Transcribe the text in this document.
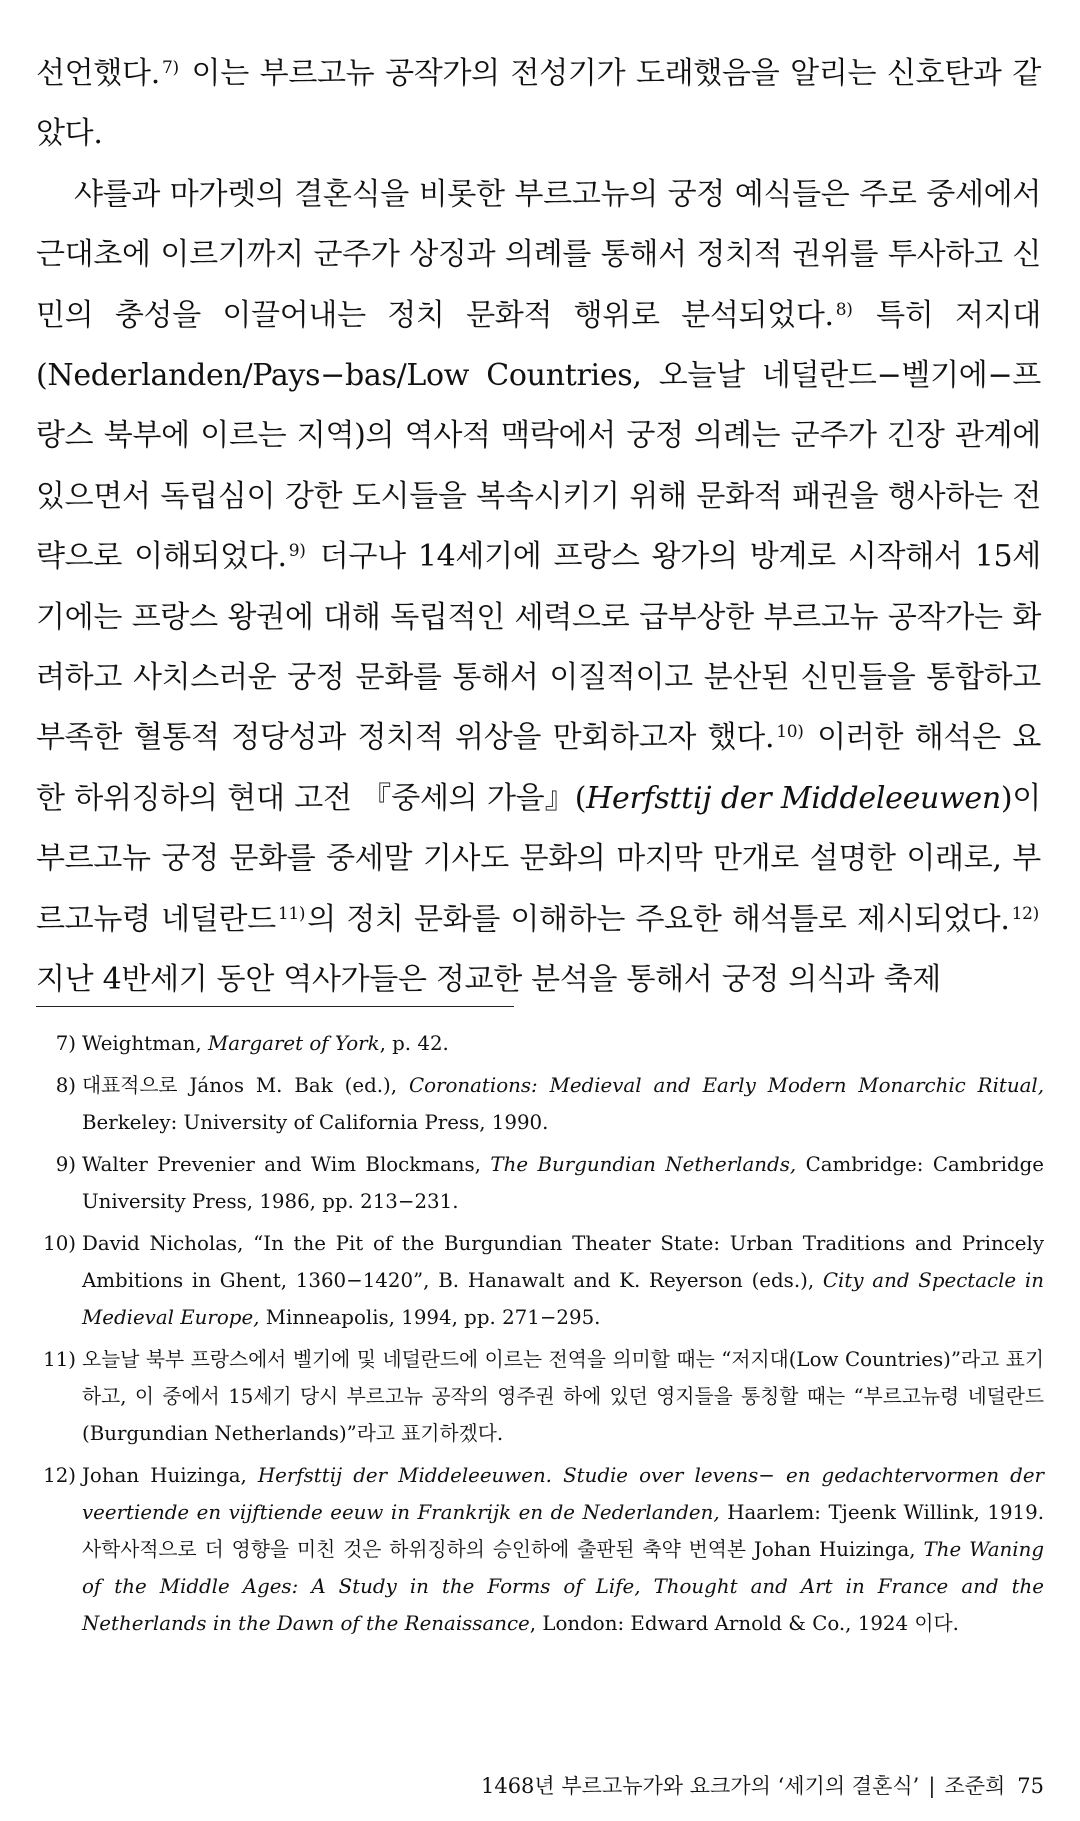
선언했다. $^{7)}$ 이는 부르고뉴 공작가의 전성기가 도래했음을 알리는 신호탄과 같았다.

샤를과 마가렛의 결혼식을 비롯한 부르고뉴의 궁정 예식들은 주로 중세에서 근대초에 이르기까지 군주가 상징과 의례를 통해서 정치적 권위를 투사하고 신민의 충성을 이끌어내는 정치 문화적 행위로 분석되었다. $^{8)}$ 특히 저지대(Nederlanden/Pays−bas/Low Countries, 오늘날 네덜란드−벨기에−프랑스 북부에 이르는 지역)의 역사적 맥락에서 궁정 의례는 군주가 긴장 관계에 있으면서 독립심이 강한 도시들을 복속시키기 위해 문화적 패권을 행사하는 전략으로 이해되었다. $^{9)}$ 더구나 14세기에 프랑스 왕가의 방계로 시작해서 15세기에는 프랑스 왕권에 대해 독립적인 세력으로 급부상한 부르고뉴 공작가는 화려하고 사치스러운 궁정 문화를 통해서 이질적이고 분산된 신민들을 통합하고 부족한 혈통적 정당성과 정치적 위상을 만회하고자 했다. $^{10)}$ 이러한 해석은 요한 하위징하의 현대 고전 『중세의 가을』(Herfsttij der Middeleeuwen)이 부르고뉴 궁정 문화를 중세말 기사도 문화의 마지막 만개로 설명한 이래로, 부르고뉴령 네덜란드 $^{11)}$의 정치 문화를 이해하는 주요한 해석틀로 제시되었다. $^{12)}$ 지난 4반세기 동안 역사가들은 정교한 분석을 통해서 궁정 의식과 축제

7) Weightman, Margaret of York, p. 42.
8) 대표적으로 János M. Bak (ed.), Coronations: Medieval and Early Modern Monarchic Ritual, Berkeley: University of California Press, 1990.
9) Walter Prevenier and Wim Blockmans, The Burgundian Netherlands, Cambridge: Cambridge University Press, 1986, pp. 213−231.
10) David Nicholas, “In the Pit of the Burgundian Theater State: Urban Traditions and Princely Ambitions in Ghent, 1360−1420”, B. Hanawalt and K. Reyerson (eds.), City and Spectacle in Medieval Europe, Minneapolis, 1994, pp. 271−295.
11) 오늘날 북부 프랑스에서 벨기에 및 네덜란드에 이르는 전역을 의미할 때는 “저지대(Low Countries)”라고 표기하고, 이 중에서 15세기 당시 부르고뉴 공작의 영주권 하에 있던 영지들을 통칭할 때는 “부르고뉴령 네덜란드(Burgundian Netherlands)”라고 표기하겠다.
12) Johan Huizinga, Herfsttij der Middeleeuwen. Studie over levens− en gedachtervormen der veertiende en vijftiende eeuw in Frankrijk en de Nederlanden, Haarlem: Tjeenk Willink, 1919. 사학사적으로 더 영향을 미친 것은 하위징하의 승인하에 출판된 축약 번역본 Johan Huizinga, The Waning of the Middle Ages: A Study in the Forms of Life, Thought and Art in France and the Netherlands in the Dawn of the Renaissance, London: Edward Arnold & Co., 1924 이다.
1468년 부르고뉴가와 요크가의 ‘세기의 결혼식’ | 조준희 75
